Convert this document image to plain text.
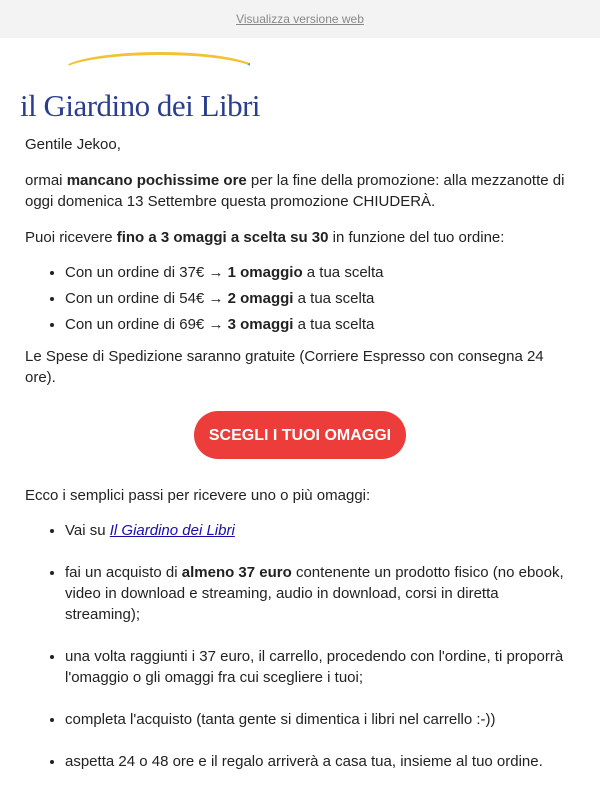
Visualizza versione web
il Giardino dei Libri

Gentile Jekoo,

ormai mancano pochissime ore per la fine della promozione: alla mezzanotte di oggi domenica 13 Settembre questa promozione CHIUDERÀ.

Puoi ricevere fino a 3 omaggi a scelta su 30 in funzione del tuo ordine:

• Con un ordine di 37€ → 1 omaggio a tua scelta
• Con un ordine di 54€ → 2 omaggi a tua scelta
• Con un ordine di 69€ → 3 omaggi a tua scelta

Le Spese di Spedizione saranno gratuite (Corriere Espresso con consegna 24 ore).

SCEGLI I TUOI OMAGGI

Ecco i semplici passi per ricevere uno o più omaggi:

• Vai su Il Giardino dei Libri
• fai un acquisto di almeno 37 euro contenente un prodotto fisico (no ebook, video in download e streaming, audio in download, corsi in diretta streaming);
• una volta raggiunti i 37 euro, il carrello, procedendo con l'ordine, ti proporrà l'omaggio o gli omaggi fra cui scegliere i tuoi;
• completa l'acquisto (tanta gente si dimentica i libri nel carrello :-))
• aspetta 24 o 48 ore e il regalo arriverà a casa tua, insieme al tuo ordine.
